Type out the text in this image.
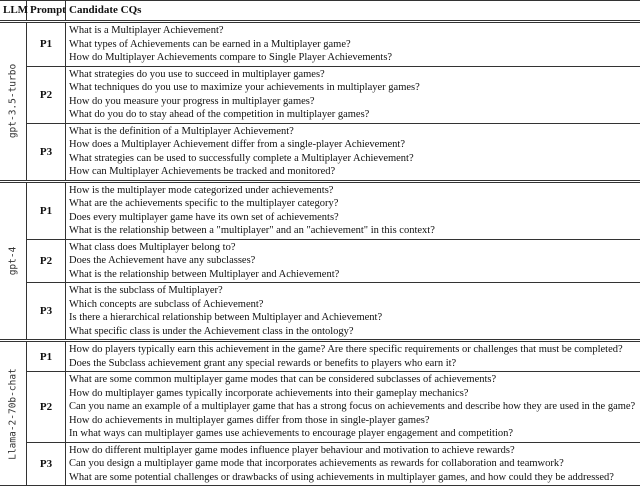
LLM Prompt Candidate CQs
gpt-3.5-turbo
P1
What is a Multiplayer Achievement?
What types of Achievements can be earned in a Multiplayer game?
How do Multiplayer Achievements compare to Single Player Achievements?
P2
What strategies do you use to succeed in multiplayer games?
What techniques do you use to maximize your achievements in multiplayer games?
How do you measure your progress in multiplayer games?
What do you do to stay ahead of the competition in multiplayer games?
P3
What is the definition of a Multiplayer Achievement?
How does a Multiplayer Achievement differ from a single-player Achievement?
What strategies can be used to successfully complete a Multiplayer Achievement?
How can Multiplayer Achievements be tracked and monitored?
gpt-4
P1
How is the multiplayer mode categorized under achievements?
What are the achievements specific to the multiplayer category?
Does every multiplayer game have its own set of achievements?
What is the relationship between a "multiplayer" and an "achievement" in this context?
P2
What class does Multiplayer belong to?
Does the Achievement have any subclasses?
What is the relationship between Multiplayer and Achievement?
P3
What is the subclass of Multiplayer?
Which concepts are subclass of Achievement?
Is there a hierarchical relationship between Multiplayer and Achievement?
What specific class is under the Achievement class in the ontology?
Llama-2-70b-chat
P1
How do players typically earn this achievement in the game? Are there specific requirements or challenges that must be completed?
Does the Subclass achievement grant any special rewards or benefits to players who earn it?
P2
What are some common multiplayer game modes that can be considered subclasses of achievements?
How do multiplayer games typically incorporate achievements into their gameplay mechanics?
Can you name an example of a multiplayer game that has a strong focus on achievements and describe how they are used in the game?
How do achievements in multiplayer games differ from those in single-player games?
In what ways can multiplayer games use achievements to encourage player engagement and competition?
P3
How do different multiplayer game modes influence player behaviour and motivation to achieve rewards?
Can you design a multiplayer game mode that incorporates achievements as rewards for collaboration and teamwork?
What are some potential challenges or drawbacks of using achievements in multiplayer games, and how could they be addressed?
